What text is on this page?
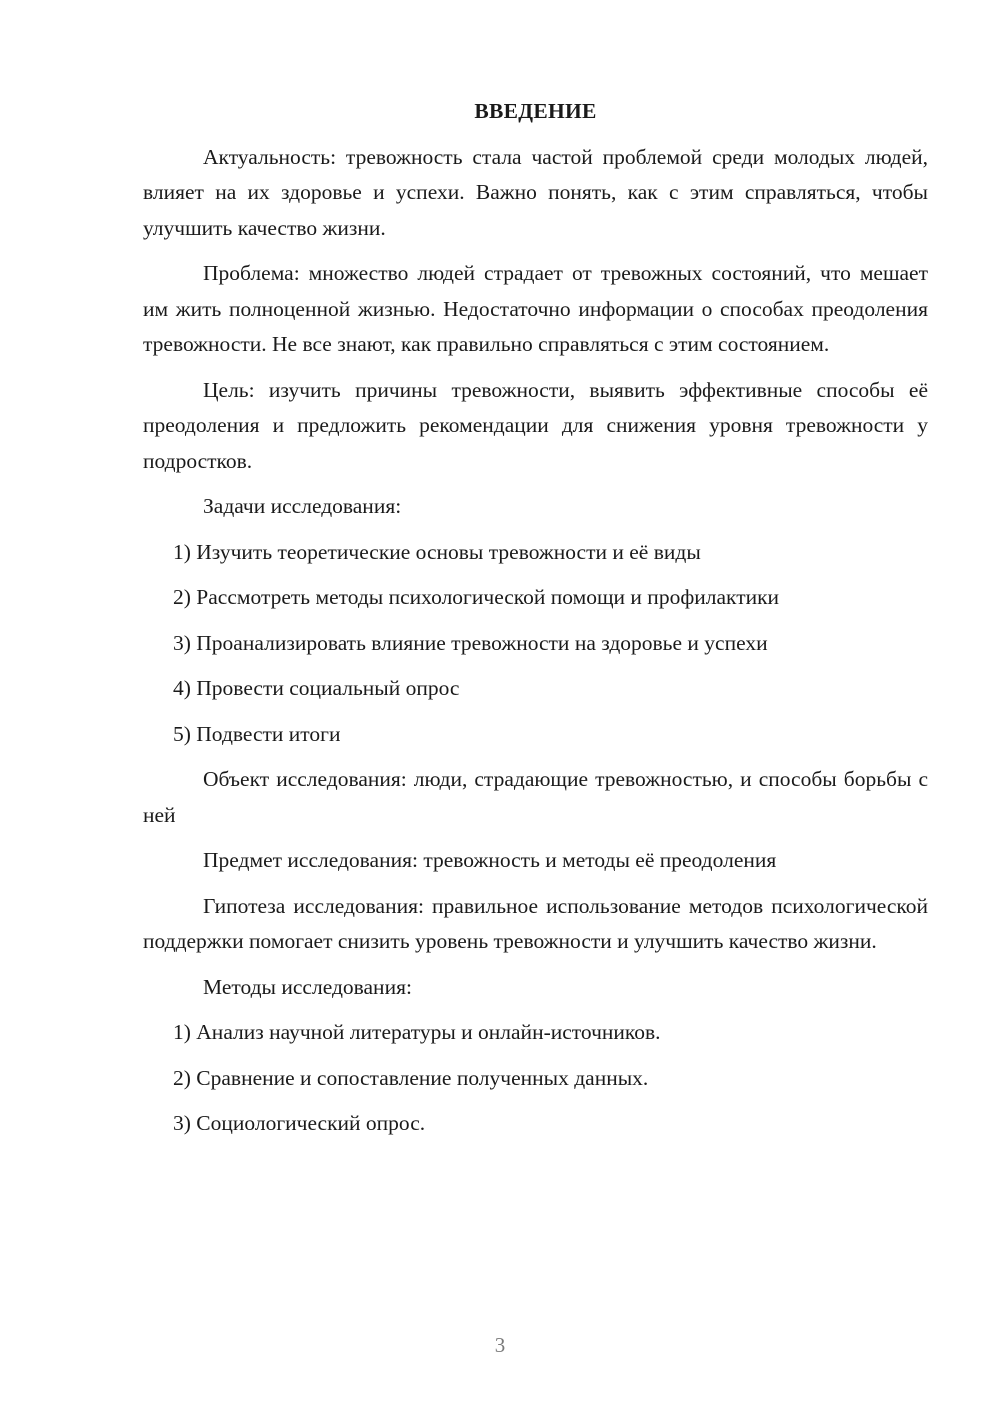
ВВЕДЕНИЕ

Актуальность: тревожность стала частой проблемой среди молодых людей, влияет на их здоровье и успехи. Важно понять, как с этим справляться, чтобы улучшить качество жизни.

Проблема: множество людей страдает от тревожных состояний, что мешает им жить полноценной жизнью. Недостаточно информации о способах преодоления тревожности. Не все знают, как правильно справляться с этим состоянием.

Цель: изучить причины тревожности, выявить эффективные способы её преодоления и предложить рекомендации для снижения уровня тревожности у подростков.

Задачи исследования:

1) Изучить теоретические основы тревожности и её виды
2) Рассмотреть методы психологической помощи и профилактики
3) Проанализировать влияние тревожности на здоровье и успехи
4) Провести социальный опрос
5) Подвести итоги

Объект исследования: люди, страдающие тревожностью, и способы борьбы с ней

Предмет исследования: тревожность и методы её преодоления

Гипотеза исследования: правильное использование методов психологической поддержки помогает снизить уровень тревожности и улучшить качество жизни.

Методы исследования:

1) Анализ научной литературы и онлайн-источников.
2) Сравнение и сопоставление полученных данных.
3) Социологический опрос.
3
